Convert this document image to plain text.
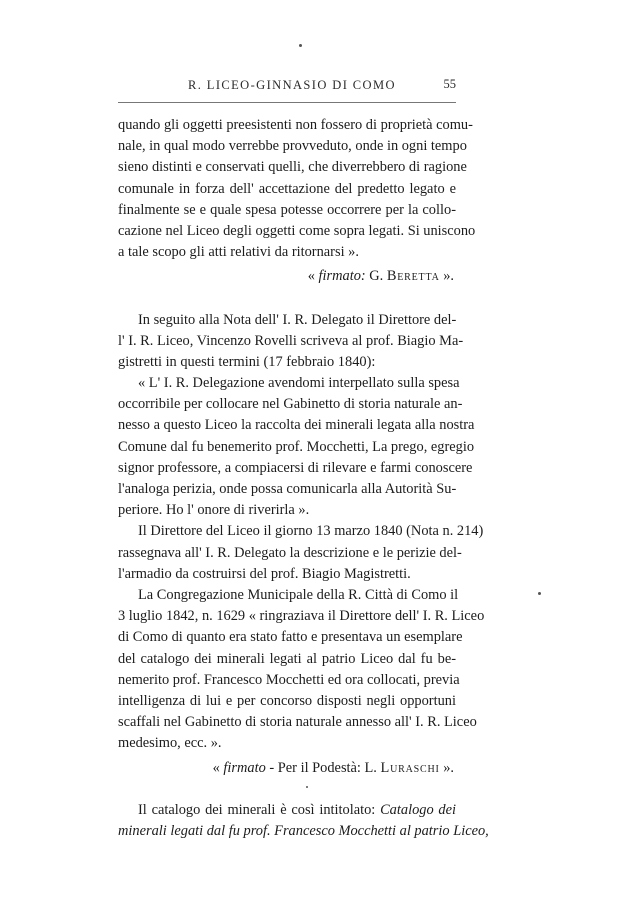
R. LICEO-GINNASIO DI COMO	55
quando gli oggetti preesistenti non fossero di proprietà comu-
nale, in qual modo verrebbe provveduto, onde in ogni tempo
sieno distinti e conservati quelli, che diverrebbero di ragione
comunale in forza dell' accettazione del predetto legato e
finalmente se e quale spesa potesse occorrere per la collo-
cazione nel Liceo degli oggetti come sopra legati. Si uniscono
a tale scopo gli atti relativi da ritornarsi ».
« firmato: G. Beretta ».
In seguito alla Nota dell' I. R. Delegato il Direttore del-
l' I. R. Liceo, Vincenzo Rovelli scriveva al prof. Biagio Ma-
gistretti in questi termini (17 febbraio 1840):
« L' I. R. Delegazione avendomi interpellato sulla spesa
occorribile per collocare nel Gabinetto di storia naturale an-
nesso a questo Liceo la raccolta dei minerali legata alla nostra
Comune dal fu benemerito prof. Mocchetti, La prego, egregio
signor professore, a compiacersi di rilevare e farmi conoscere
l'analoga perizia, onde possa comunicarla alla Autorità Su-
periore. Ho l' onore di riverirla ».
Il Direttore del Liceo il giorno 13 marzo 1840 (Nota n. 214)
rassegnava all' I. R. Delegato la descrizione e le perizie del-
l'armadio da costruirsi del prof. Biagio Magistretti.
La Congregazione Municipale della R. Città di Como il
3 luglio 1842, n. 1629 « ringraziava il Direttore dell' I. R. Liceo
di Como di quanto era stato fatto e presentava un esemplare
del catalogo dei minerali legati al patrio Liceo dal fu be-
nemerito prof. Francesco Mocchetti ed ora collocati, previa
intelligenza di lui e per concorso disposti negli opportuni
scaffali nel Gabinetto di storia naturale annesso all' I. R. Liceo
medesimo, ecc. ».
« firmato - Per il Podestà: L. Luraschi ».
Il catalogo dei minerali è così intitolato: Catalogo dei
minerali legati dal fu prof. Francesco Mocchetti al patrio Liceo,
